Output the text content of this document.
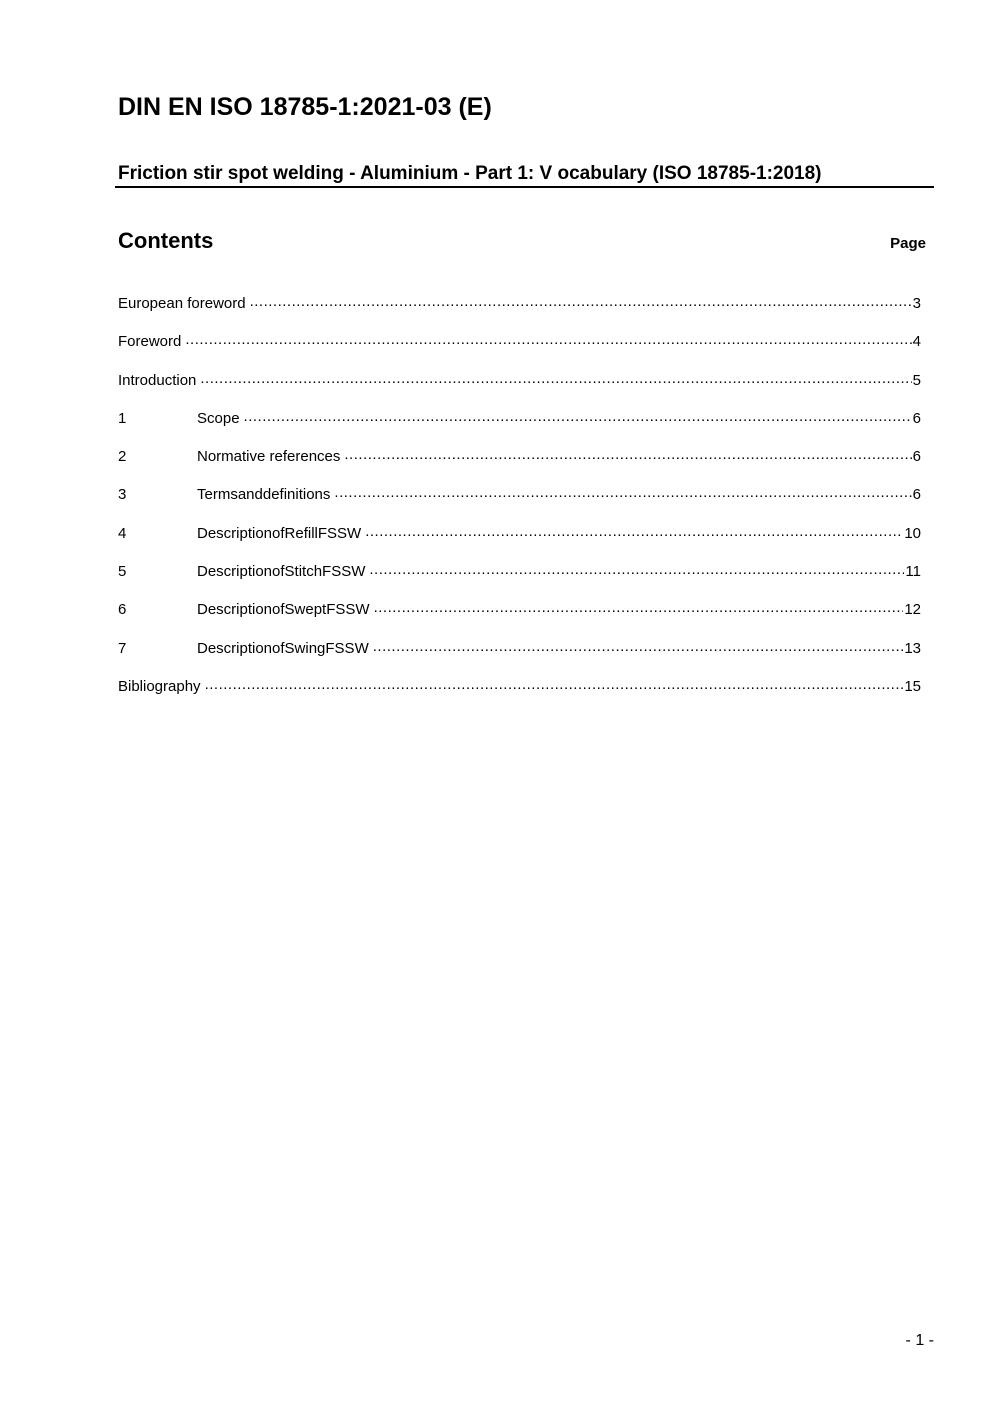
DIN EN ISO 18785-1:2021-03 (E)
Friction stir spot welding - Aluminium - Part 1: V ocabulary (ISO 18785-1:2018)
Contents	Page
European foreword .....	3
Foreword .....	4
Introduction .....	5
1	Scope .....	6
2	Normative references .....	6
3	Termsanddefinitions .....	6
4	DescriptionofRefillFSSW .....	10
5	DescriptionofStitchFSSW .....	11
6	DescriptionofSweptFSSW .....	12
7	DescriptionofSwingFSSW .....	13
Bibliography .....	15
- 1 -
